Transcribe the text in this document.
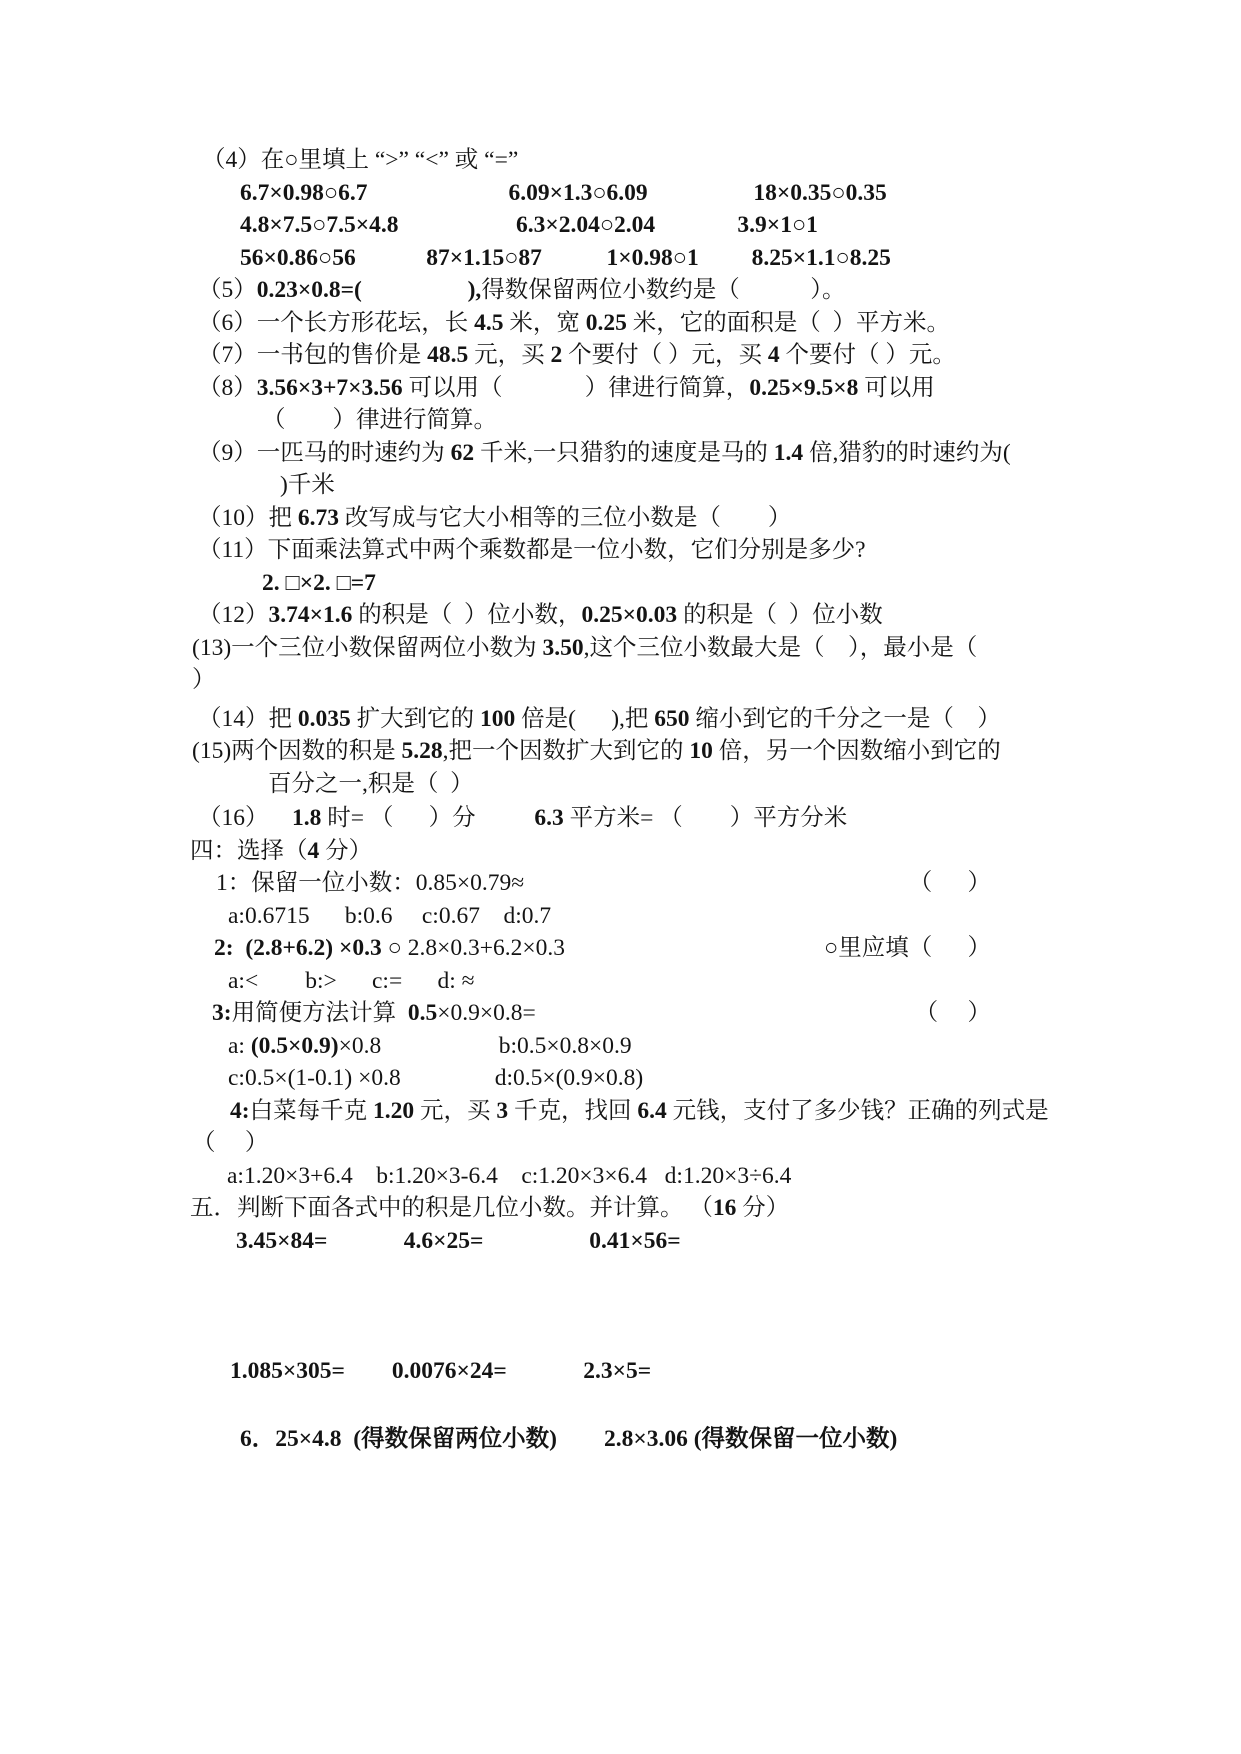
（4）在○里填上 “>” “<” 或 “=”
6.7×0.98○6.7                        6.09×1.3○6.09                  18×0.35○0.35
4.8×7.5○7.5×4.8                    6.3×2.04○2.04              3.9×1○1
56×0.86○56            87×1.15○87           1×0.98○1         8.25×1.1○8.25
（5）0.23×0.8=(                  ),得数保留两位小数约是（            ）。
（6）一个长方形花坛，长 4.5 米，宽 0.25 米，它的面积是（  ）平方米。
（7）一书包的售价是 48.5 元，买 2 个要付（ ）元，买 4 个要付（ ）元。
（8）3.56×3+7×3.56 可以用（              ）律进行简算，0.25×9.5×8 可以用
（        ）律进行简算。
（9）一匹马的时速约为 62 千米,一只猎豹的速度是马的 1.4 倍,猎豹的时速约为(
)千米
（10）把 6.73 改写成与它大小相等的三位小数是（        ）
（11）下面乘法算式中两个乘数都是一位小数，它们分别是多少?
2. □×2. □=7
（12）3.74×1.6 的积是（  ）位小数，0.25×0.03 的积是（  ）位小数
(13)一个三位小数保留两位小数为 3.50,这个三位小数最大是（    ），最小是（
）
（14）把 0.035 扩大到它的 100 倍是(      ),把 650 缩小到它的千分之一是（    ）
(15)两个因数的积是 5.28,把一个因数扩大到它的 10 倍，另一个因数缩小到它的
百分之一,积是（  ）
（16） 1.8 时= （      ）分          6.3 平方米= （        ）平方分米
四：选择（4 分）
（      ）
1：保留一位小数：0.85×0.79≈
a:0.6715      b:0.6     c:0.67    d:0.7
○里应填（      ）
2: (2.8+6.2) ×0.3 ○ 2.8×0.3+6.2×0.3
a:<        b:>      c:=      d: ≈
（     ）
3:用简便方法计算  0.5×0.9×0.8=
a: (0.5×0.9)×0.8                    b:0.5×0.8×0.9
c:0.5×(1-0.1) ×0.8                d:0.5×(0.9×0.8)
4:白菜每千克 1.20 元，买 3 千克，找回 6.4 元钱，支付了多少钱？正确的列式是
（     ）
a:1.20×3+6.4    b:1.20×3-6.4    c:1.20×3×6.4   d:1.20×3÷6.4
五．判断下面各式中的积是几位小数。并计算。 （16 分）
3.45×84=             4.6×25=                  0.41×56=
1.085×305=        0.0076×24=             2.3×5=
6．25×4.8  (得数保留两位小数)        2.8×3.06 (得数保留一位小数)
